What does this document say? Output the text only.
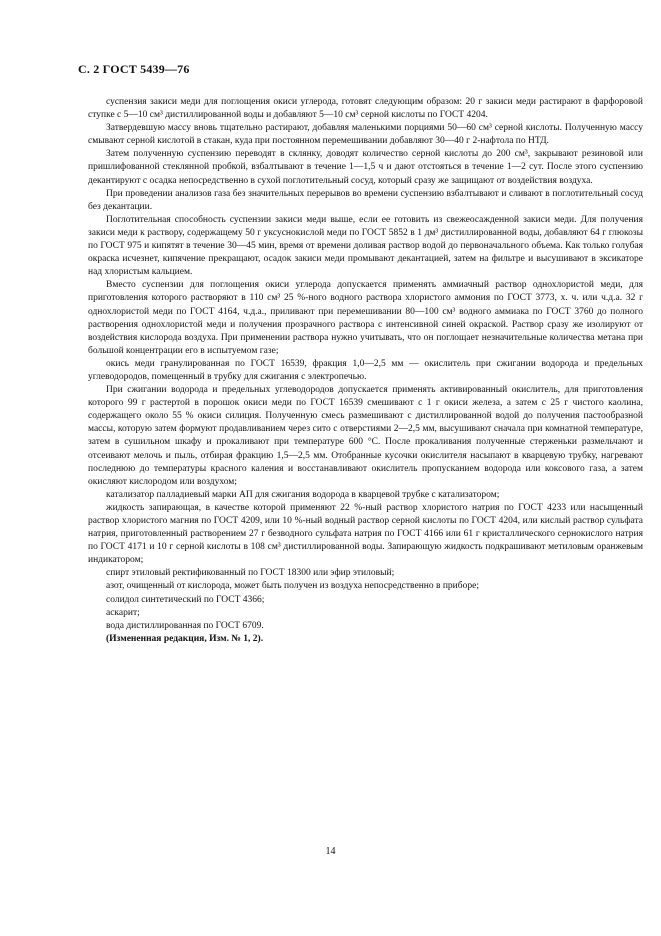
С. 2 ГОСТ 5439—76

суспензия закиси меди для поглощения окиси углерода, готовят следующим образом: 20 г закиси меди растирают в фарфоровой ступке с 5—10 см³ дистиллированной воды и добавляют 5—10 см³ серной кислоты по ГОСТ 4204.

Затвердевшую массу вновь тщательно растирают, добавляя маленькими порциями 50—60 см³ серной кислоты. Полученную массу смывают серной кислотой в стакан, куда при постоянном перемешивании добавляют 30—40 г 2-нафтола по НТД.

Затем полученную суспензию переводят в склянку, доводят количество серной кислоты до 200 см³, закрывают резиновой или пришлифованной стеклянной пробкой, взбалтывают в течение 1—1,5 ч и дают отстояться в течение 1—2 сут. После этого суспензию декантируют с осадка непосредственно в сухой поглотительный сосуд, который сразу же защищают от воздействия воздуха.

При проведении анализов газа без значительных перерывов во времени суспензию взбалтывают и сливают в поглотительный сосуд без декантации.

Поглотительная способность суспензии закиси меди выше, если ее готовить из свежеосажденной закиси меди. Для получения закиси меди к раствору, содержащему 50 г уксуснокислой меди по ГОСТ 5852 в 1 дм³ дистиллированной воды, добавляют 64 г глюкозы по ГОСТ 975 и кипятят в течение 30—45 мин, время от времени доливая раствор водой до первоначального объема. Как только голубая окраска исчезнет, кипячение прекращают, осадок закиси меди промывают декантацией, затем на фильтре и высушивают в эксикаторе над хлористым кальцием.

Вместо суспензии для поглощения окиси углерода допускается применять аммиачный раствор однохлористой меди, для приготовления которого растворяют в 110 см³ 25 %-ного водного раствора хлористого аммония по ГОСТ 3773, х. ч. или ч.д.а. 32 г однохлористой меди по ГОСТ 4164, ч.д.а., приливают при перемешивании 80—100 см³ водного аммиака по ГОСТ 3760 до полного растворения однохлористой меди и получения прозрачного раствора с интенсивной синей окраской. Раствор сразу же изолируют от воздействия кислорода воздуха. При применении раствора нужно учитывать, что он поглощает незначительные количества метана при большой концентрации его в испытуемом газе;

окись меди гранулированная по ГОСТ 16539, фракция 1,0—2,5 мм — окислитель при сжигании водорода и предельных углеводородов, помещенный в трубку для сжигания с электропечью.

При сжигании водорода и предельных углеводородов допускается применять активированный окислитель, для приготовления которого 99 г растертой в порошок окиси меди по ГОСТ 16539 смешивают с 1 г окиси железа, а затем с 25 г чистого каолина, содержащего около 55 % окиси силиция. Полученную смесь размешивают с дистиллированной водой до получения пастообразной массы, которую затем формуют продавливанием через сито с отверстиями 2—2,5 мм, высушивают сначала при комнатной температуре, затем в сушильном шкафу и прокаливают при температуре 600 °С. После прокаливания полученные стерженьки размельчают и отсеивают мелочь и пыль, отбирая фракцию 1,5—2,5 мм. Отобранные кусочки окислителя насыпают в кварцевую трубку, нагревают последнюю до температуры красного каления и восстанавливают окислитель пропусканием водорода или коксового газа, а затем окисляют кислородом или воздухом;

катализатор палладиевый марки АП для сжигания водорода в кварцевой трубке с катализатором;

жидкость запирающая, в качестве которой применяют 22 %-ный раствор хлористого натрия по ГОСТ 4233 или насыщенный раствор хлористого магния по ГОСТ 4209, или 10 %-ный водный раствор серной кислоты по ГОСТ 4204, или кислый раствор сульфата натрия, приготовленный растворением 27 г безводного сульфата натрия по ГОСТ 4166 или 61 г кристаллического сернокислого натрия по ГОСТ 4171 и 10 г серной кислоты в 108 см³ дистиллированной воды. Запирающую жидкость подкрашивают метиловым оранжевым индикатором;

спирт этиловый ректификованный по ГОСТ 18300 или эфир этиловый;

азот, очищенный от кислорода, может быть получен из воздуха непосредственно в приборе;

солидол синтетический по ГОСТ 4366;

аскарит;

вода дистиллированная по ГОСТ 6709.

(Измененная редакция, Изм. № 1, 2).

14
